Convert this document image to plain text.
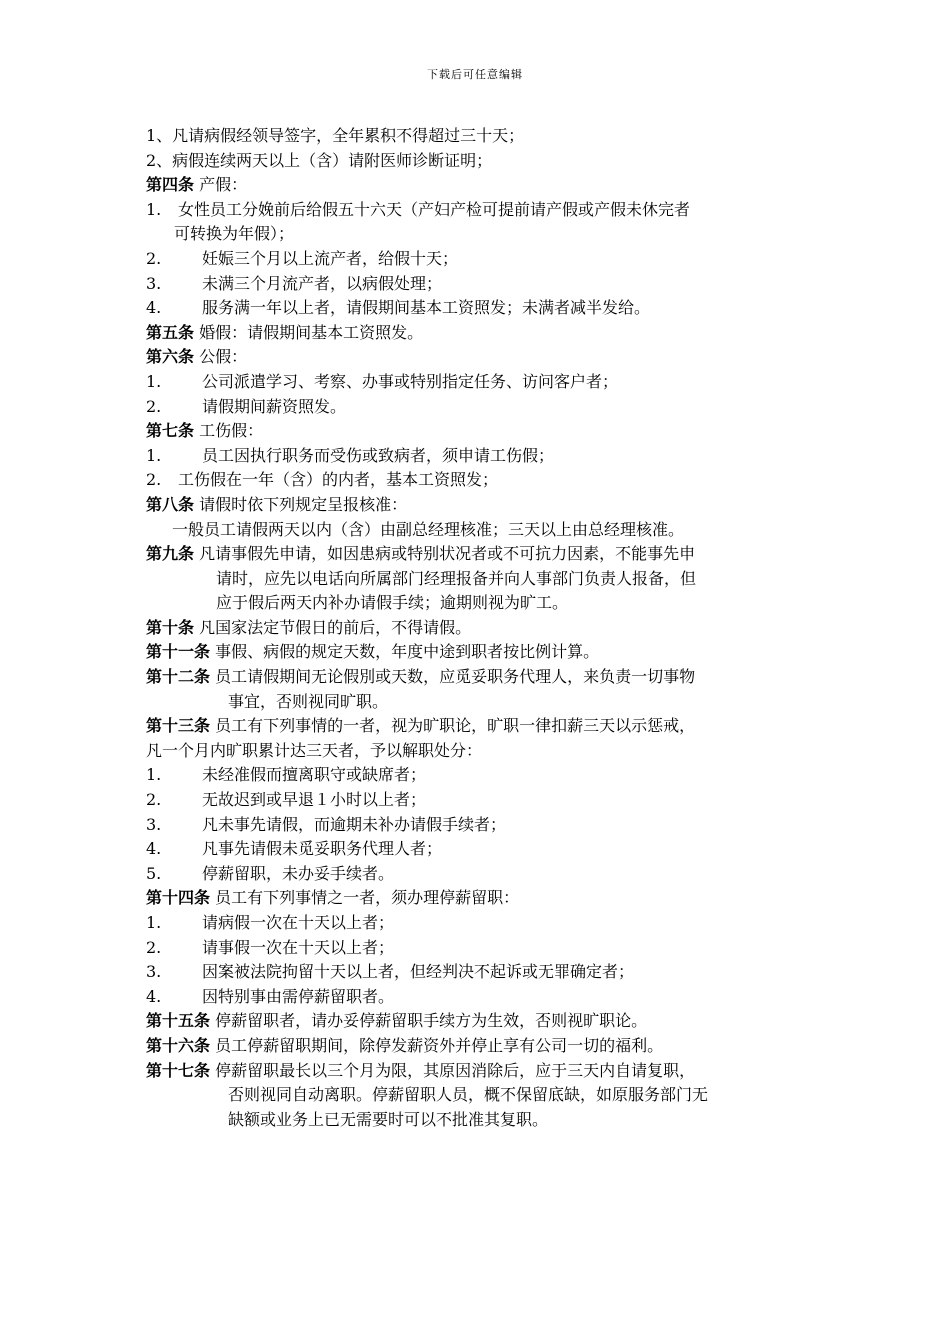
下载后可任意编辑
1、凡请病假经领导签字，全年累积不得超过三十天；
2、病假连续两天以上（含）请附医师诊断证明；
第四条 产假：
1. 女性员工分娩前后给假五十六天（产妇产检可提前请产假或产假未休完者
可转换为年假）；
2.	妊娠三个月以上流产者，给假十天；
3.	未满三个月流产者，以病假处理；
4.	服务满一年以上者，请假期间基本工资照发；未满者减半发给。
第五条 婚假：请假期间基本工资照发。
第六条 公假：
1.	公司派遣学习、考察、办事或特别指定任务、访问客户者；
2.	请假期间薪资照发。
第七条 工伤假：
1.	员工因执行职务而受伤或致病者，须申请工伤假；
2. 工伤假在一年（含）的内者，基本工资照发；
第八条 请假时依下列规定呈报核准：
一般员工请假两天以内（含）由副总经理核准；三天以上由总经理核准。
第九条 凡请事假先申请，如因患病或特别状况者或不可抗力因素，不能事先申
请时，应先以电话向所属部门经理报备并向人事部门负责人报备，但
应于假后两天内补办请假手续；逾期则视为旷工。
第十条 凡国家法定节假日的前后，不得请假。
第十一条 事假、病假的规定天数，年度中途到职者按比例计算。
第十二条 员工请假期间无论假別或天数，应觅妥职务代理人，来负责一切事物
事宜，否则视同旷职。
第十三条 员工有下列事情的一者，视为旷职论，旷职一律扣薪三天以示惩戒，
凡一个月内旷职累计达三天者，予以解职处分：
1.	未经准假而擅离职守或缺席者；
2.	无故迟到或早退１小时以上者；
3.	凡未事先请假，而逾期未补办请假手续者；
4.	凡事先请假未觅妥职务代理人者；
5.	停薪留职，未办妥手续者。
第十四条 员工有下列事情之一者，须办理停薪留职：
1.	请病假一次在十天以上者；
2.	请事假一次在十天以上者；
3.	因案被法院拘留十天以上者，但经判决不起诉或无罪确定者；
4.	因特别事由需停薪留职者。
第十五条 停薪留职者，请办妥停薪留职手续方为生效，否则视旷职论。
第十六条 员工停薪留职期间，除停发薪资外并停止享有公司一切的福利。
第十七条 停薪留职最长以三个月为限，其原因消除后，应于三天内自请复职，
否则视同自动离职。停薪留职人员，概不保留底缺，如原服务部门无
缺额或业务上已无需要时可以不批准其复职。
